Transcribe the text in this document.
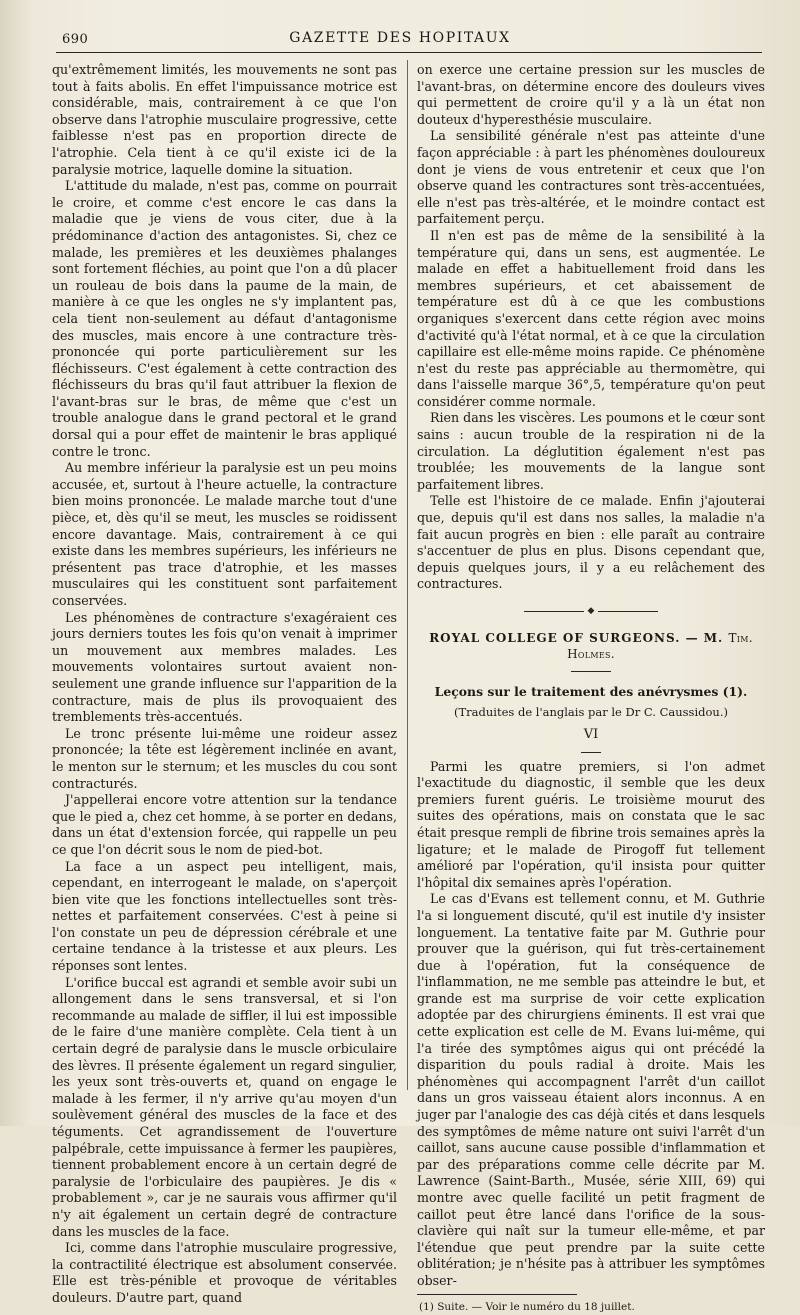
690	GAZETTE DES HOPITAUX

qu'extrêmement limités, les mouvements ne sont pas tout à faits abolis. En effet l'impuissance motrice est considérable, mais, contrairement à ce que l'on observe dans l'atrophie musculaire progressive, cette faiblesse n'est pas en proportion directe de l'atrophie. Cela tient à ce qu'il existe ici de la paralysie motrice, laquelle domine la situation.

L'attitude du malade, n'est pas, comme on pourrait le croire, et comme c'est encore le cas dans la maladie que je viens de vous citer, due à la prédominance d'action des antagonistes. Si, chez ce malade, les premières et les deuxièmes phalanges sont fortement fléchies, au point que l'on a dû placer un rouleau de bois dans la paume de la main, de manière à ce que les ongles ne s'y implantent pas, cela tient non-seulement au défaut d'antagonisme des muscles, mais encore à une contracture très-prononcée qui porte particulièrement sur les fléchisseurs. C'est également à cette contraction des fléchisseurs du bras qu'il faut attribuer la flexion de l'avant-bras sur le bras, de même que c'est un trouble analogue dans le grand pectoral et le grand dorsal qui a pour effet de maintenir le bras appliqué contre le tronc.

Au membre inférieur la paralysie est un peu moins accusée, et, surtout à l'heure actuelle, la contracture bien moins prononcée. Le malade marche tout d'une pièce, et, dès qu'il se meut, les muscles se roidissent encore davantage. Mais, contrairement à ce qui existe dans les membres supérieurs, les inférieurs ne présentent pas trace d'atrophie, et les masses musculaires qui les constituent sont parfaitement conservées.

Les phénomènes de contracture s'exagéraient ces jours derniers toutes les fois qu'on venait à imprimer un mouvement aux membres malades. Les mouvements volontaires surtout avaient non-seulement une grande influence sur l'apparition de la contracture, mais de plus ils provoquaient des tremblements très-accentués.

Le tronc présente lui-même une roideur assez prononcée; la tête est légèrement inclinée en avant, le menton sur le sternum; et les muscles du cou sont contracturés.

J'appellerai encore votre attention sur la tendance que le pied a, chez cet homme, à se porter en dedans, dans un état d'extension forcée, qui rappelle un peu ce que l'on décrit sous le nom de pied-bot.

La face a un aspect peu intelligent, mais, cependant, en interrogeant le malade, on s'aperçoit bien vite que les fonctions intellectuelles sont très-nettes et parfaitement conservées. C'est à peine si l'on constate un peu de dépression cérébrale et une certaine tendance à la tristesse et aux pleurs. Les réponses sont lentes.

L'orifice buccal est agrandi et semble avoir subi un allongement dans le sens transversal, et si l'on recommande au malade de siffler, il lui est impossible de le faire d'une manière complète. Cela tient à un certain degré de paralysie dans le muscle orbiculaire des lèvres. Il présente également un regard singulier, les yeux sont très-ouverts et, quand on engage le malade à les fermer, il n'y arrive qu'au moyen d'un soulèvement général des muscles de la face et des téguments. Cet agrandissement de l'ouverture palpébrale, cette impuissance à fermer les paupières, tiennent probablement encore à un certain degré de paralysie de l'orbiculaire des paupières. Je dis « probablement », car je ne saurais vous affirmer qu'il n'y ait également un certain degré de contracture dans les muscles de la face.

Ici, comme dans l'atrophie musculaire progressive, la contractilité électrique est absolument conservée. Elle est très-pénible et provoque de véritables douleurs. D'autre part, quand

on exerce une certaine pression sur les muscles de l'avant-bras, on détermine encore des douleurs vives qui permettent de croire qu'il y a là un état non douteux d'hyperesthésie musculaire.

La sensibilité générale n'est pas atteinte d'une façon appréciable : à part les phénomènes douloureux dont je viens de vous entretenir et ceux que l'on observe quand les contractures sont très-accentuées, elle n'est pas très-altérée, et le moindre contact est parfaitement perçu.

Il n'en est pas de même de la sensibilité à la température qui, dans un sens, est augmentée. Le malade en effet a habituellement froid dans les membres supérieurs, et cet abaissement de température est dû à ce que les combustions organiques s'exercent dans cette région avec moins d'activité qu'à l'état normal, et à ce que la circulation capillaire est elle-même moins rapide. Ce phénomène n'est du reste pas appréciable au thermomètre, qui dans l'aisselle marque 36°,5, température qu'on peut considérer comme normale.

Rien dans les viscères. Les poumons et le cœur sont sains : aucun trouble de la respiration ni de la circulation. La déglutition également n'est pas troublée; les mouvements de la langue sont parfaitement libres.

Telle est l'histoire de ce malade. Enfin j'ajouterai que, depuis qu'il est dans nos salles, la maladie n'a fait aucun progrès en bien : elle paraît au contraire s'accentuer de plus en plus. Disons cependant que, depuis quelques jours, il y a eu relâchement des contractures.

◆
ROYAL COLLEGE OF SURGEONS. — M. Tim. Holmes.
Leçons sur le traitement des anévrysmes (1).
(Traduites de l'anglais par le Dr C. Caussidou.)
VI

Parmi les quatre premiers, si l'on admet l'exactitude du diagnostic, il semble que les deux premiers furent guéris. Le troisième mourut des suites des opérations, mais on constata que le sac était presque rempli de fibrine trois semaines après la ligature; et le malade de Pirogoff fut tellement amélioré par l'opération, qu'il insista pour quitter l'hôpital dix semaines après l'opération.

Le cas d'Evans est tellement connu, et M. Guthrie l'a si longuement discuté, qu'il est inutile d'y insister longuement. La tentative faite par M. Guthrie pour prouver que la guérison, qui fut très-certainement due à l'opération, fut la conséquence de l'inflammation, ne me semble pas atteindre le but, et grande est ma surprise de voir cette explication adoptée par des chirurgiens éminents. Il est vrai que cette explication est celle de M. Evans lui-même, qui l'a tirée des symptômes aigus qui ont précédé la disparition du pouls radial à droite. Mais les phénomènes qui accompagnent l'arrêt d'un caillot dans un gros vaisseau étaient alors inconnus. A en juger par l'analogie des cas déjà cités et dans lesquels des symptômes de même nature ont suivi l'arrêt d'un caillot, sans aucune cause possible d'inflammation et par des préparations comme celle décrite par M. Lawrence (Saint-Barth., Musée, série XIII, 69) qui montre avec quelle facilité un petit fragment de caillot peut être lancé dans l'orifice de la sous-clavière qui naît sur la tumeur elle-même, et par l'étendue que peut prendre par la suite cette oblitération; je n'hésite pas à attribuer les symptômes obser-

(1) Suite. — Voir le numéro du 18 juillet.
